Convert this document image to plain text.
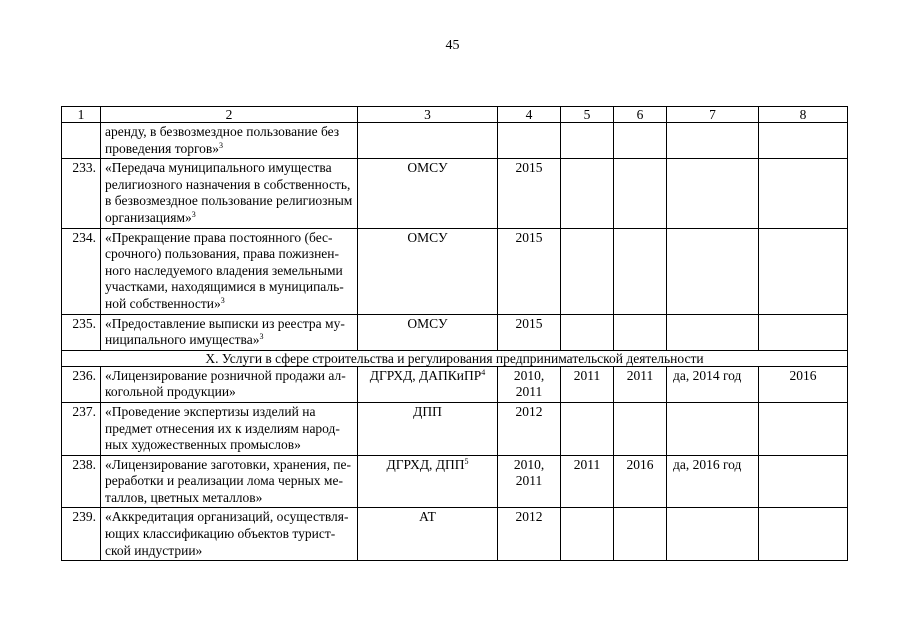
45
1	2	3	4	5	6	7	8
	аренду, в безвозмездное пользование без проведения торгов»$^3$						
233.	«Передача муниципального имущества религиозного назначения в собственность, в безвозмездное пользование религиозным организациям»$^3$	ОМСУ	2015				
234.	«Прекращение права постоянного (бес-срочного) пользования, права пожизнен-ного наследуемого владения земельными участками, находящимися в муниципаль-ной собственности»$^3$	ОМСУ	2015				
235.	«Предоставление выписки из реестра му-ниципального имущества»$^3$	ОМСУ	2015				
X. Услуги в сфере строительства и регулирования предпринимательской деятельности							
236.	«Лицензирование розничной продажи ал-когольной продукции»	ДГРХД, ДАПКиПР$^4$	2010, 2011	2011	2011	да, 2014 год	2016
237.	«Проведение экспертизы изделий на предмет отнесения их к изделиям народ-ных художественных промыслов»	ДПП	2012				
238.	«Лицензирование заготовки, хранения, пе-реработки и реализации лома черных ме-таллов, цветных металлов»	ДГРХД, ДПП$^5$	2010, 2011	2011	2016	да, 2016 год	
239.	«Аккредитация организаций, осуществля-ющих классификацию объектов турист-ской индустрии»	АТ	2012				
